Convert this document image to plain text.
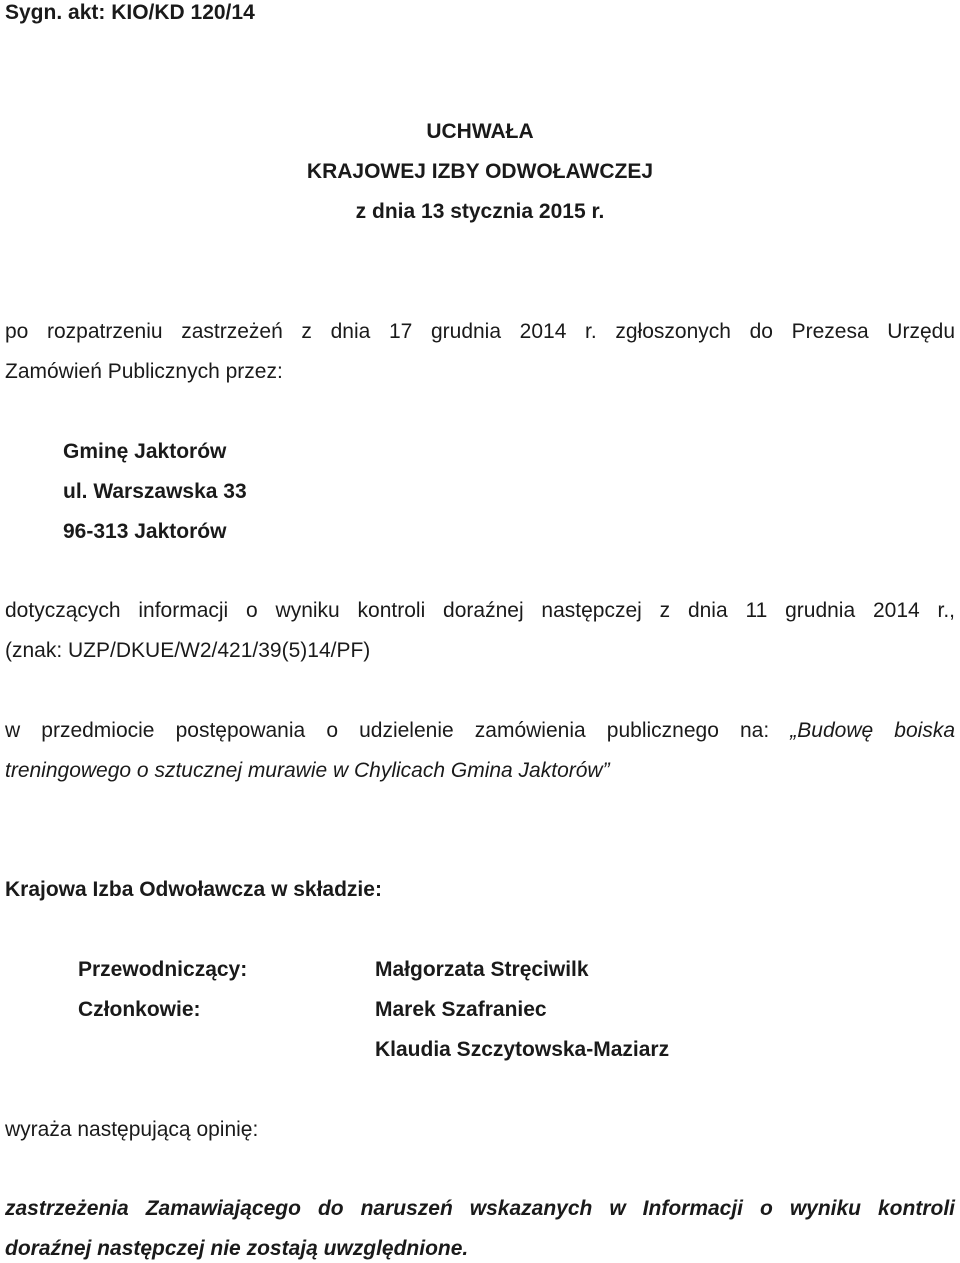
Sygn. akt: KIO/KD 120/14
UCHWAŁA
KRAJOWEJ IZBY ODWOŁAWCZEJ
z dnia 13 stycznia 2015 r.
po rozpatrzeniu zastrzeżeń z dnia 17 grudnia 2014 r. zgłoszonych do Prezesa Urzędu
Zamówień Publicznych przez:
Gminę Jaktorów
ul. Warszawska 33
96-313 Jaktorów
dotyczących informacji o wyniku kontroli doraźnej następczej z dnia 11 grudnia 2014 r.,
(znak: UZP/DKUE/W2/421/39(5)14/PF)
w przedmiocie postępowania o udzielenie zamówienia publicznego na: „Budowę boiska
treningowego o sztucznej murawie w Chylicach Gmina Jaktorów”
Krajowa Izba Odwoławcza w składzie:
Przewodniczący:	Małgorzata Stręciwilk
Członkowie:	Marek Szafraniec
Klaudia Szczytowska-Maziarz
wyraża następującą opinię:
zastrzeżenia Zamawiającego do naruszeń wskazanych w Informacji o wyniku kontroli
doraźnej następczej nie zostają uwzględnione.
